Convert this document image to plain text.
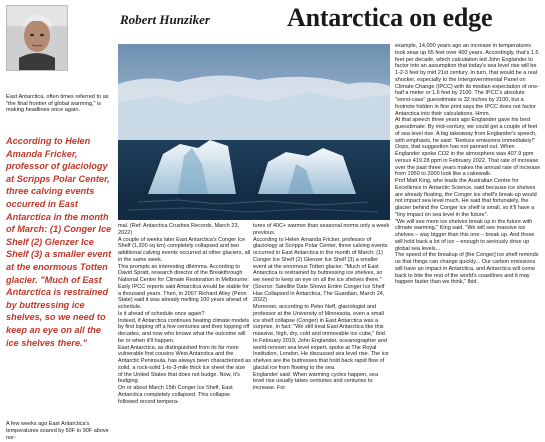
Robert Hunziker	Antarctica on edge
East Antarctica, often times referred to as "the final frontier of global warming," is making headlines once again.
According to Helen Amanda Fricker, professor of glaciology at Scripps Polar Center, three calving events occurred in East Antarctica in the month of March: (1) Conger Ice Shelf (2) Glenzer Ice Shelf (3) a smaller event at the enormous Totten glacier. "Much of East Antarctica is restrained by buttressing ice shelves, so we need to keep an eye on all the ice shelves there."
A few weeks ago East Antarctica's temperatures soared by 50F to 90F above nor-

mal. (Ref: Antarctica Crushes Records, March 23, 2022)

A couple of weeks later East Antarctica's Conger Ice Shelf (1,200 sq km) completely collapsed and two additional calving events occurred at other glaciers, all in the same week.

This prompts an interesting dilemma. According to David Spratt, research director of the Breakthrough National Centre for Climate Restoration in Melbourne: Early IPCC reports said Antarctica would be stable for a thousand years. Then, in 2007 Richard Alley (Penn State) said it was already melting 100 years ahead of schedule.

Is it ahead of schedule once again?

Indeed, if Antarctica continues beating climate models by first lopping off a few centuries and then lopping off decades, and now who knows what the outcome will be or when it'll happen.

East Antarctica, as distinguished from its far more vulnerable first cousins West Antarctica and the Antarctic Peninsula, has always been characterized as solid, a rock-solid 1-to-3-mile thick ice sheet the size of the United States that does not budge. Now, it's budging.

On or about March 15th Conger Ice Shelf, East Antarctica completely collapsed. This collapse followed record tempera-

tures of 40C+ warmer than seasonal norms only a week previous.

According to Helen Amanda Fricker, professor of glaciology at Scripps Polar Center, three calving events occurred in East Antarctica in the month of March: (1) Conger Ice Shelf (2) Glenzer Ice Shelf (3) a smaller event at the enormous Totten glacier. "Much of East Antarctica is restrained by buttressing ice shelves, so we need to keep an eye on all the ice shelves there." (Source: Satellite Date Shows Entire Conger Ice Shelf Has Collapsed in Antarctica, The Guardian, March 24, 2022)

Moreover, according to Peter Neff, glaciologist and professor at the University of Minnesota, even a small ice shelf collapse (Conger) in East Antarctica was a surprise, in fact: "We still treat East Antarctica like this massive, high, dry, cold and immovable ice cube," Ibid.

In February 2019, John Englander, oceanographer and world-renown sea level expert, spoke at The Royal Institution, London. He discussed sea level rise. The ice shelves are the buttresses that hold back rapid flow of glacial ice from flowing to the sea.

Englander said: When warming cycles happen, sea level rise usually takes centuries and centuries to increase. For

example, 14,000 years ago an increase in temperatures took seas up 65 feet over 400 years. Accordingly, that's 1.5 feet per decade, which calculation led John Englander to factor into an assumption that today's sea level rise will be 1-2-3 feet by mid 21st century. In turn, that would be a real shocker, especially to the Intergovernmental Panel on Climate Change (IPCC) with its median expectation of one-half a meter or 1.6 feet by 2100. The IPCC's absolute "worst-case" guesstimate is 32 inches by 2100, but a footnote hidden in fine print says the IPCC does not factor Antarctica into their calculations. Hmm.

At that speech three years ago Englander gave his best guesstimate: By mid-century, we could get a couple of feet of sea level rise. A big takeaway from Englander's speech, with emphasis, he said: "Reduce emissions immediately!"

Oops, that suggestion has not panned out. When Englander spoke CO2 in the atmosphere was 407.9 ppm versus 419.28 ppm in February 2022. That rate of increase over the past three years makes the annual rate of increase from 1950 to 2000 look like a cakewalk.

Prof Matt King, who leads the Australian Centre for Excellence in Antarctic Science, said because ice shelves are already floating, the Conger ice shelf's break-up would not impact sea level much. He said that fortunately, the glacier behind the Conger ice shelf is small, so it'll have a "tiny impact on sea level in the future".

"We will see more ice shelves break up in the future with climate warming," King said. "We will see massive ice shelves – way bigger than this one – break up. And those will hold back a lot of ice – enough to seriously drive up global sea levels...

The speed of the breakup of [the Conger] ice shelf reminds us that things can change quickly... Our carbon emissions will have an impact in Antarctica, and Antarctica will come back to bite the rest of the world's coastlines and it may happen faster than we think," Ibid.
